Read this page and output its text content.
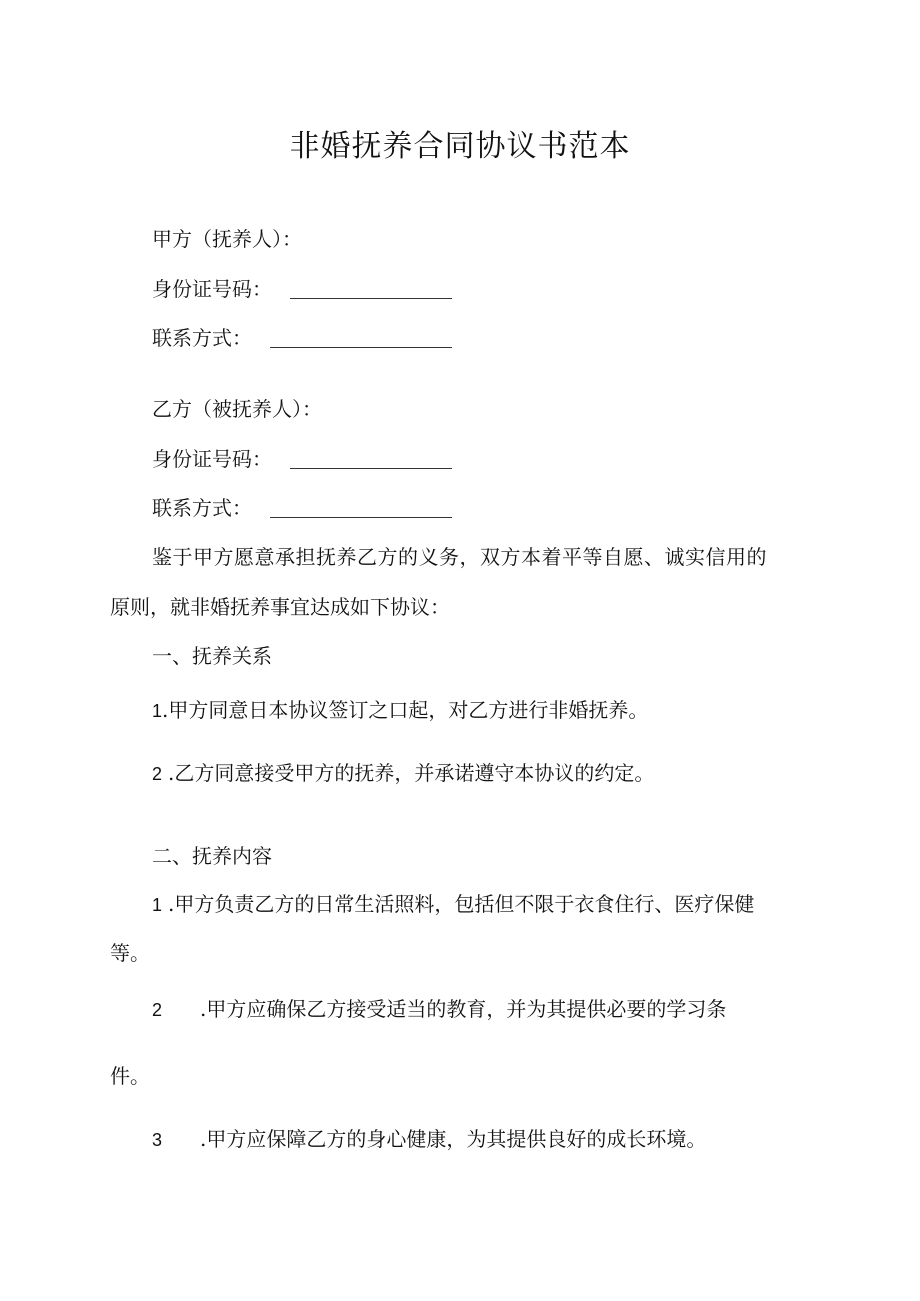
非婚抚养合同协议书范本
甲方（抚养人）：
身份证号码：
联系方式：
乙方（被抚养人）：
身份证号码：
联系方式：
鉴于甲方愿意承担抚养乙方的义务，双方本着平等自愿、诚实信用的
原则，就非婚抚养事宜达成如下协议：
一、抚养关系
1.甲方同意日本协议签订之口起，对乙方进行非婚抚养。
2 .乙方同意接受甲方的抚养，并承诺遵守本协议的约定。
二、抚养内容
1 .甲方负责乙方的日常生活照料，包括但不限于衣食住行、医疗保健
等。
2 .甲方应确保乙方接受适当的教育，并为其提供必要的学习条
件。
3 .甲方应保障乙方的身心健康，为其提供良好的成长环境。
